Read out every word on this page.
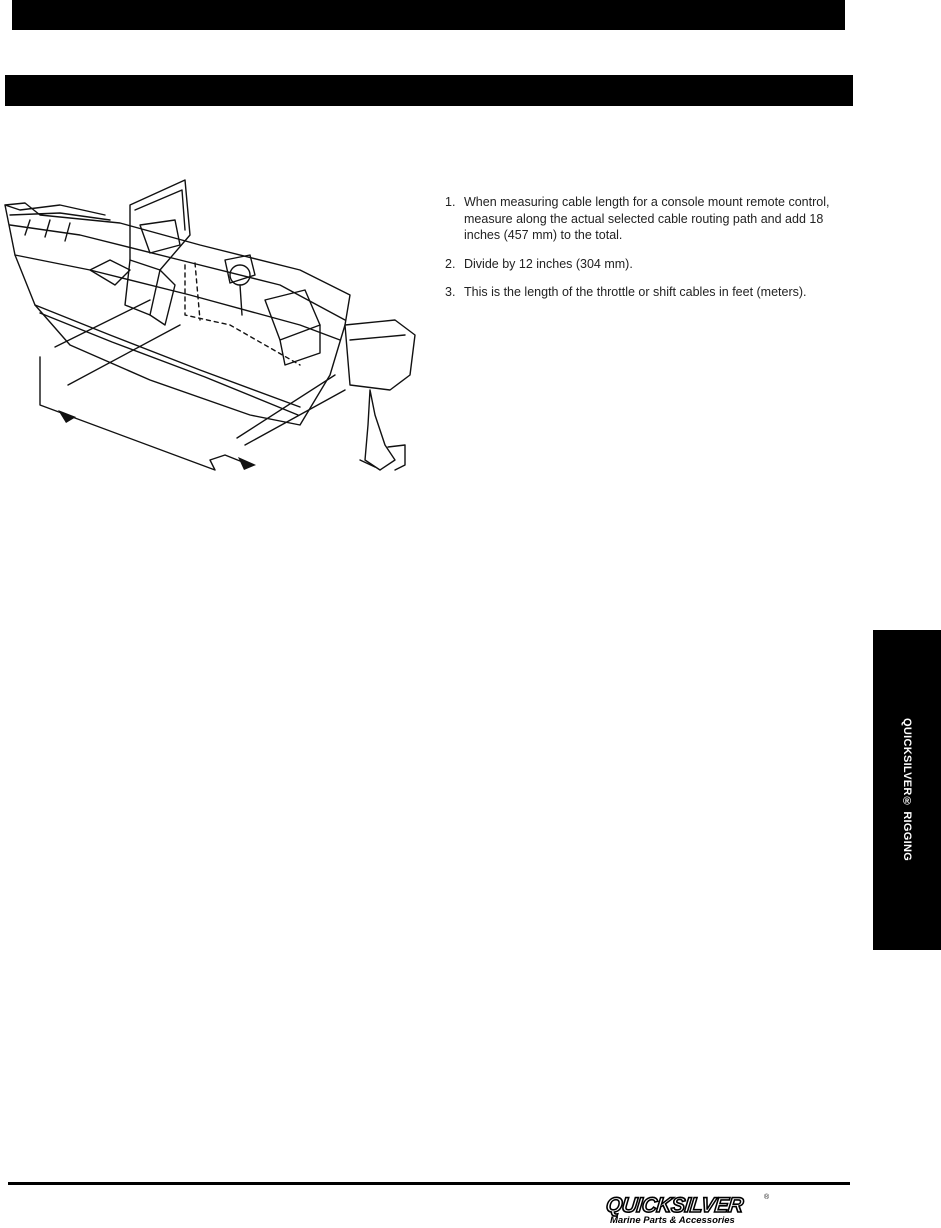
1. When measuring cable length for a console mount remote control, measure along the actual selected cable routing path and add 18 inches (457 mm) to the total.
2. Divide by 12 inches (304 mm).
3. This is the length of the throttle or shift cables in feet (meters).
QUICKSILVER® RIGGING
QUICKSILVER	®
Marine Parts & Accessories
